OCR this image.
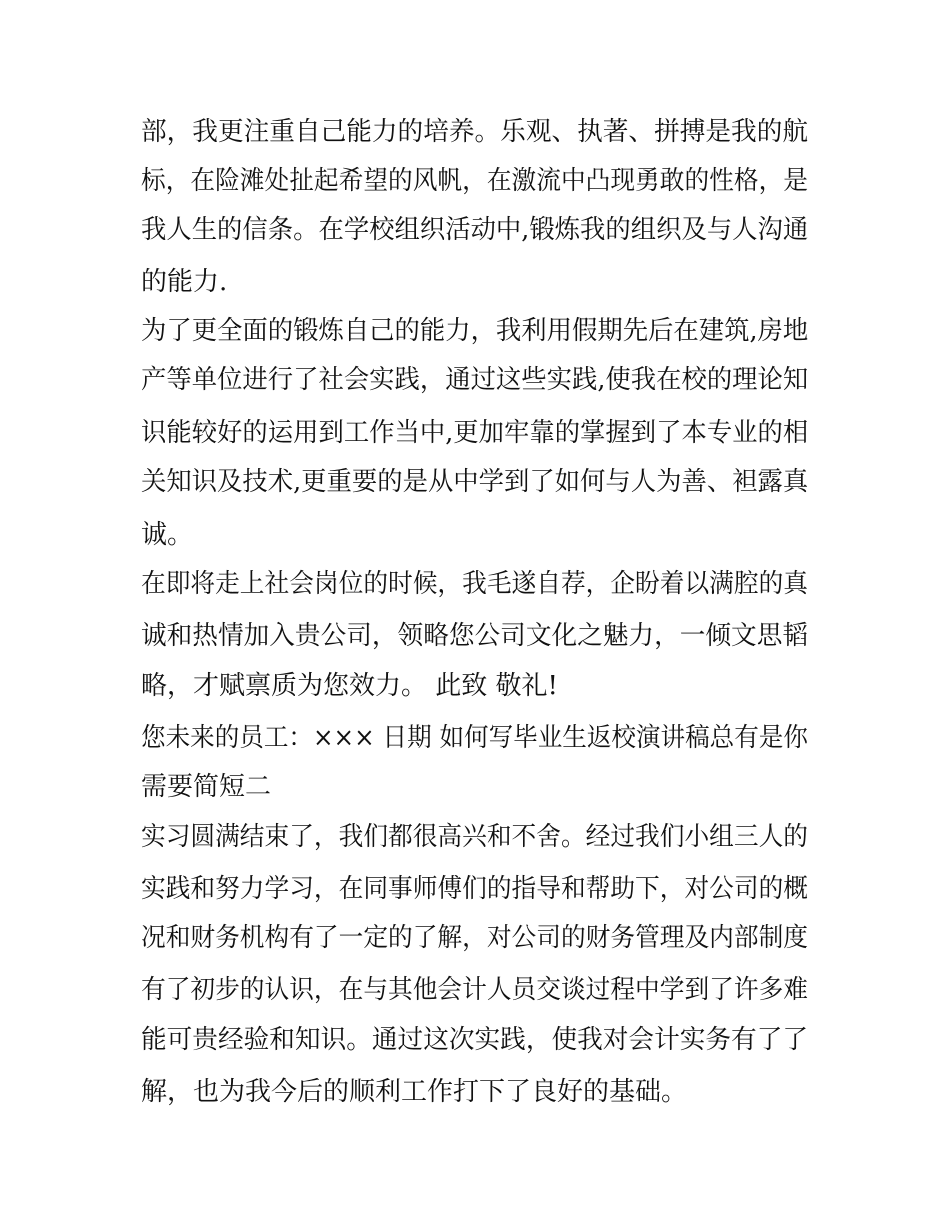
部，我更注重自己能力的培养。乐观、执著、拼搏是我的航

标，在险滩处扯起希望的风帆，在激流中凸现勇敢的性格，是

我人生的信条。在学校组织活动中,锻炼我的组织及与人沟通

的能力.

为了更全面的锻炼自己的能力，我利用假期先后在建筑,房地

产等单位进行了社会实践，通过这些实践,使我在校的理论知

识能较好的运用到工作当中,更加牢靠的掌握到了本专业的相

关知识及技术,更重要的是从中学到了如何与人为善、袒露真

诚。

在即将走上社会岗位的时候，我毛遂自荐，企盼着以满腔的真

诚和热情加入贵公司，领略您公司文化之魅力，一倾文思韬

略，才赋禀质为您效力。 此致 敬礼!

您未来的员工：××× 日期 如何写毕业生返校演讲稿总有是你

需要简短二

实习圆满结束了，我们都很高兴和不舍。经过我们小组三人的

实践和努力学习，在同事师傅们的指导和帮助下，对公司的概

况和财务机构有了一定的了解，对公司的财务管理及内部制度

有了初步的认识，在与其他会计人员交谈过程中学到了许多难

能可贵经验和知识。通过这次实践，使我对会计实务有了了

解，也为我今后的顺利工作打下了良好的基础。
